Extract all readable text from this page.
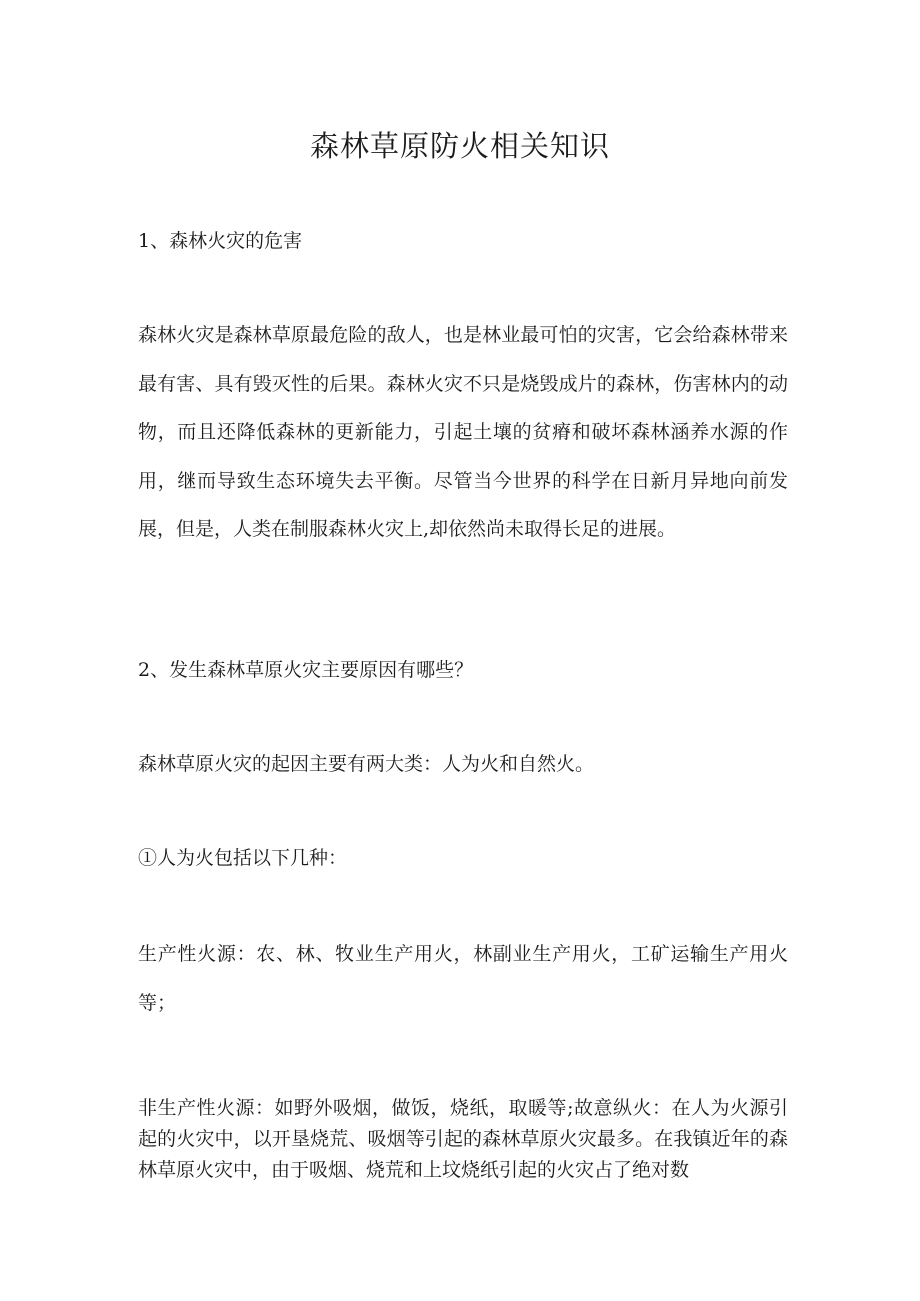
森林草原防火相关知识

1、森林火灾的危害

森林火灾是森林草原最危险的敌人，也是林业最可怕的灾害，它会给森林带来最有害、具有毁灭性的后果。森林火灾不只是烧毁成片的森林，伤害林内的动物，而且还降低森林的更新能力，引起土壤的贫瘠和破坏森林涵养水源的作用，继而导致生态环境失去平衡。尽管当今世界的科学在日新月异地向前发展，但是，人类在制服森林火灾上,却依然尚未取得长足的进展。

2、发生森林草原火灾主要原因有哪些？

森林草原火灾的起因主要有两大类：人为火和自然火。

①人为火包括以下几种：

生产性火源：农、林、牧业生产用火，林副业生产用火，工矿运输生产用火等；

非生产性火源：如野外吸烟，做饭，烧纸，取暖等;故意纵火：在人为火源引起的火灾中，以开垦烧荒、吸烟等引起的森林草原火灾最多。在我镇近年的森林草原火灾中，由于吸烟、烧荒和上坟烧纸引起的火灾占了绝对数
